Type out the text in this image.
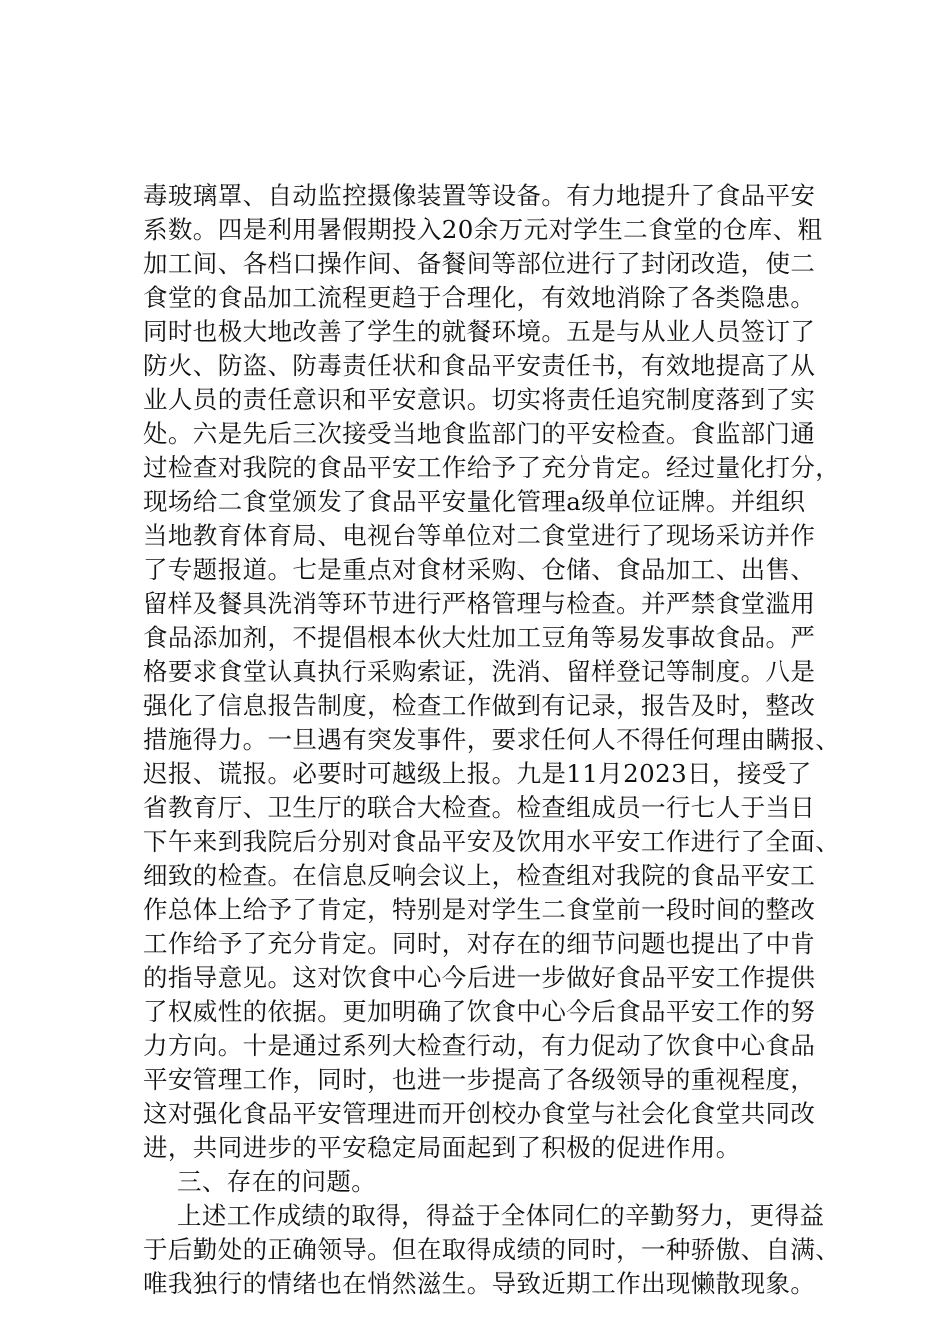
毒玻璃罩、自动监控摄像装置等设备。有力地提升了食品平安
系数。四是利用暑假期投入20余万元对学生二食堂的仓库、粗
加工间、各档口操作间、备餐间等部位进行了封闭改造，使二
食堂的食品加工流程更趋于合理化，有效地消除了各类隐患。
同时也极大地改善了学生的就餐环境。五是与从业人员签订了
防火、防盗、防毒责任状和食品平安责任书，有效地提高了从
业人员的责任意识和平安意识。切实将责任追究制度落到了实
处。六是先后三次接受当地食监部门的平安检查。食监部门通
过检查对我院的食品平安工作给予了充分肯定。经过量化打分，
现场给二食堂颁发了食品平安量化管理a级单位证牌。并组织
当地教育体育局、电视台等单位对二食堂进行了现场采访并作
了专题报道。七是重点对食材采购、仓储、食品加工、出售、
留样及餐具洗消等环节进行严格管理与检查。并严禁食堂滥用
食品添加剂，不提倡根本伙大灶加工豆角等易发事故食品。严
格要求食堂认真执行采购索证，洗消、留样登记等制度。八是
强化了信息报告制度，检查工作做到有记录，报告及时，整改
措施得力。一旦遇有突发事件，要求任何人不得任何理由瞒报、
迟报、谎报。必要时可越级上报。九是11月2023日，接受了
省教育厅、卫生厅的联合大检查。检查组成员一行七人于当日
下午来到我院后分别对食品平安及饮用水平安工作进行了全面、
细致的检查。在信息反响会议上，检查组对我院的食品平安工
作总体上给予了肯定，特别是对学生二食堂前一段时间的整改
工作给予了充分肯定。同时，对存在的细节问题也提出了中肯
的指导意见。这对饮食中心今后进一步做好食品平安工作提供
了权威性的依据。更加明确了饮食中心今后食品平安工作的努
力方向。十是通过系列大检查行动，有力促动了饮食中心食品
平安管理工作，同时，也进一步提高了各级领导的重视程度，
这对强化食品平安管理进而开创校办食堂与社会化食堂共同改
进，共同进步的平安稳定局面起到了积极的促进作用。
三、存在的问题。
上述工作成绩的取得，得益于全体同仁的辛勤努力，更得益
于后勤处的正确领导。但在取得成绩的同时，一种骄傲、自满、
唯我独行的情绪也在悄然滋生。导致近期工作出现懒散现象。
